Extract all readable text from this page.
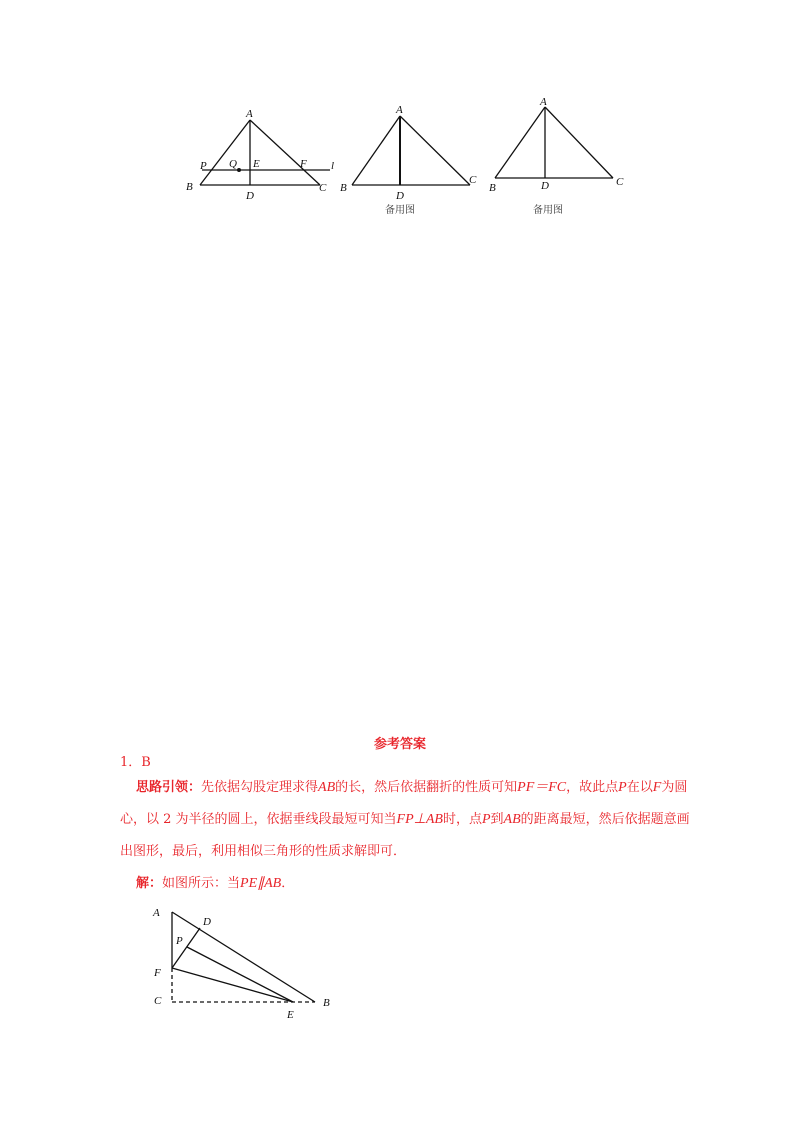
A
B	C
D
E	F
P Q	l
A
B
C
D
备用图
A
B	C
D
备用图
参考答案
1．B
思路引领：先依据勾股定理求得AB的长，然后依据翻折的性质可知PF＝FC，故此点P在以F为圆心，以 2 为半径的圆上，依据垂线段最短可知当FP⊥AB时，点P到AB的距离最短，然后依据题意画出图形，最后，利用相似三角形的性质求解即可．
解：如图所示：当PE∥AB．
A
D
P
F
C
E
B
